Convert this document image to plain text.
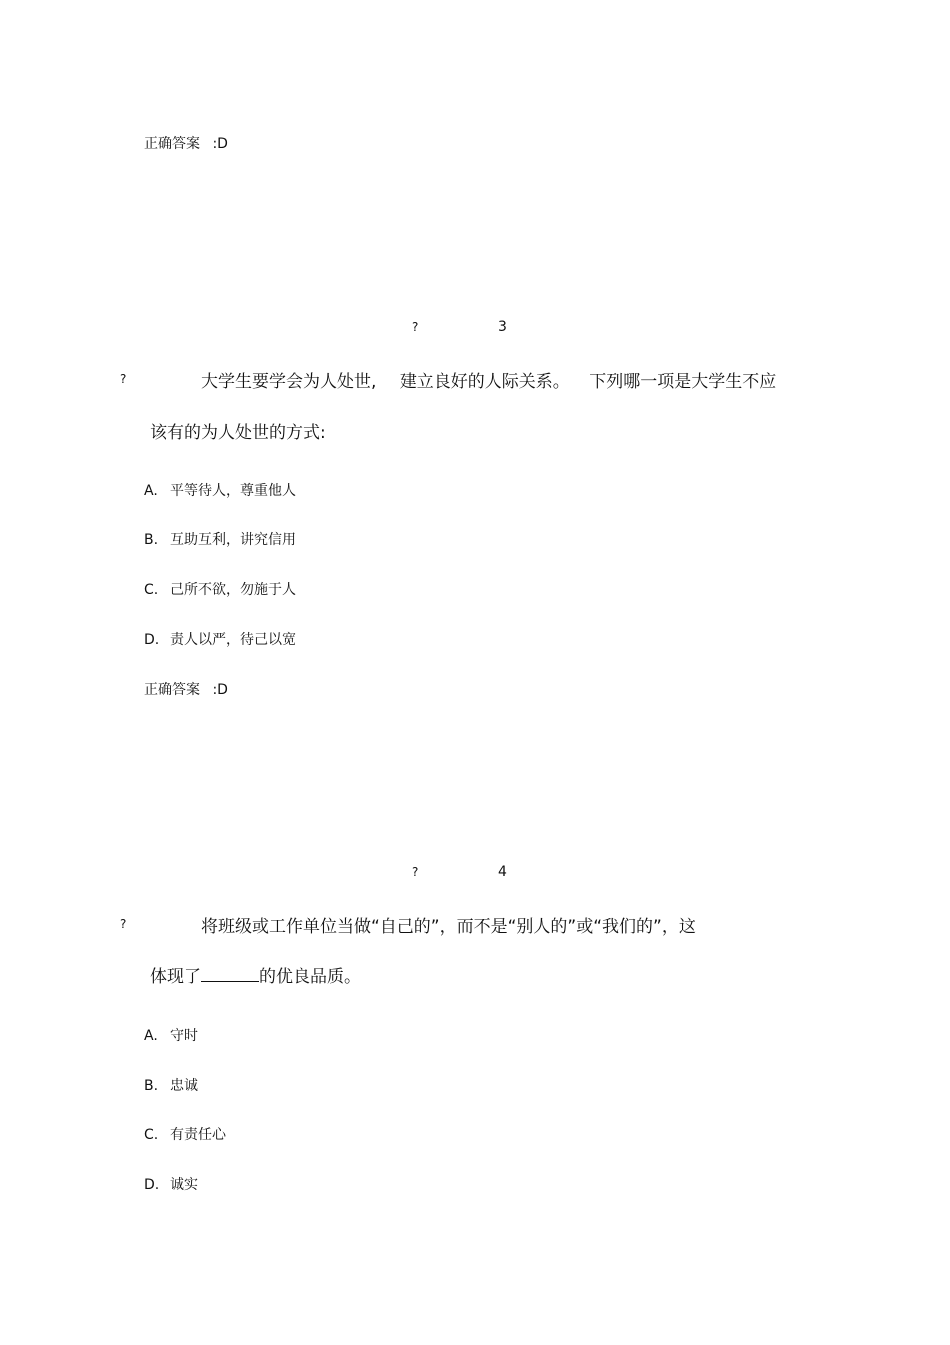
正确答案 :D
?	3
?	大学生要学会为人处世, 建立良好的人际关系。 下列哪一项是大学生不应
该有的为人处世的方式:
A. 平等待人，尊重他人
B. 互助互利，讲究信用
C. 己所不欲，勿施于人
D. 责人以严，待己以宽
正确答案 :D
?	4
?	将班级或工作单位当做“自己的”，而不是“别人的”或“我们的”，这
体现了	的优良品质。
A. 守时
B. 忠诚
C. 有责任心
D. 诚实
